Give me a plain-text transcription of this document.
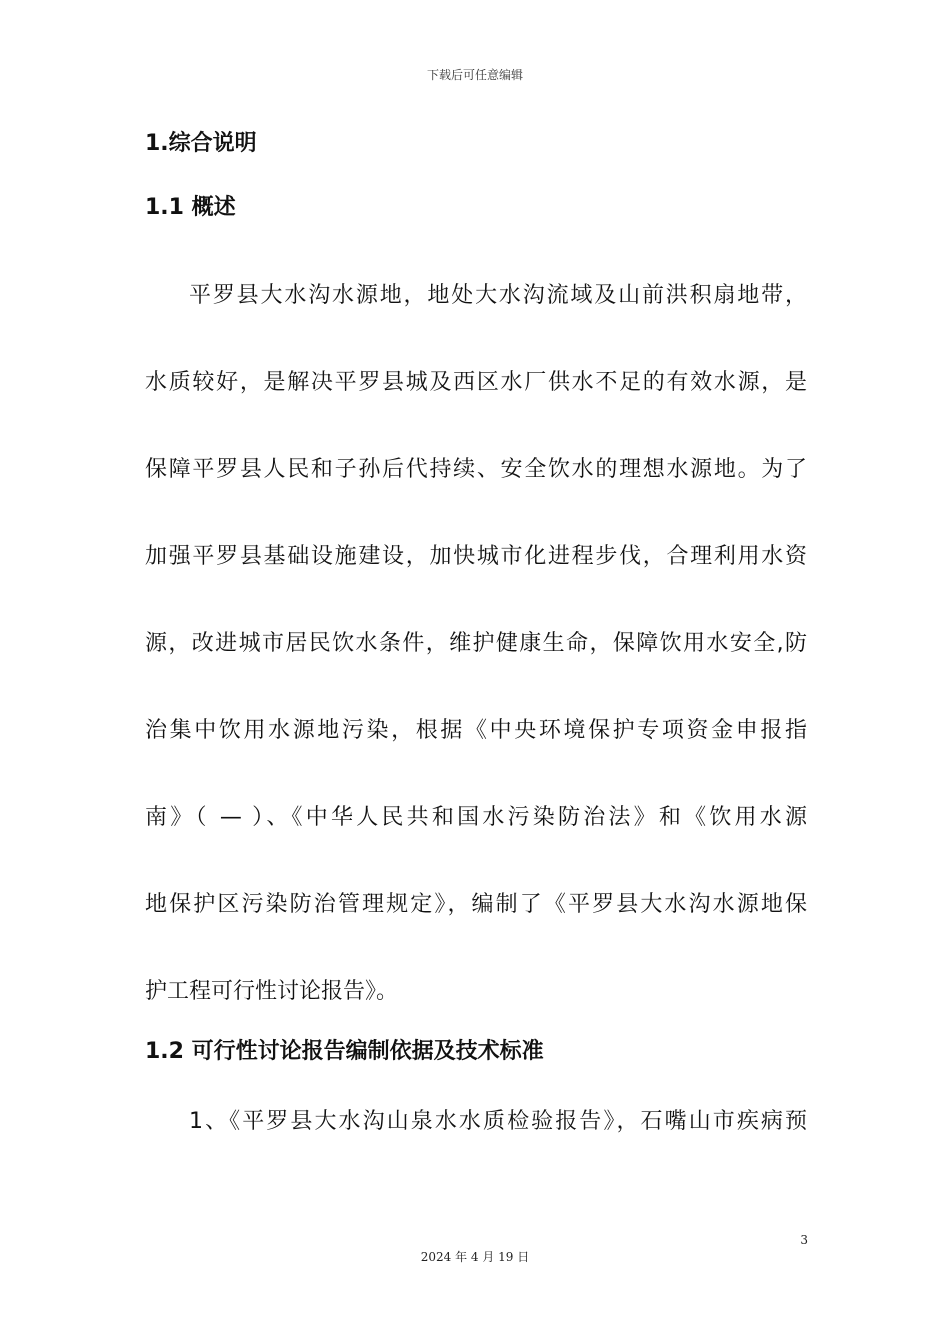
下载后可任意编辑
1.综合说明
1.1 概述
平罗县大水沟水源地，地处大水沟流域及山前洪积扇地带，
水质较好，是解决平罗县城及西区水厂供水不足的有效水源，是
保障平罗县人民和子孙后代持续、安全饮水的理想水源地。为了
加强平罗县基础设施建设，加快城市化进程步伐，合理利用水资
源，改进城市居民饮水条件，维护健康生命，保障饮用水安全,防
治集中饮用水源地污染，根据《中央环境保护专项资金申报指
南》（ — ）、《中华人民共和国水污染防治法》和《饮用水源
地保护区污染防治管理规定》，编制了《平罗县大水沟水源地保
护工程可行性讨论报告》。
1.2 可行性讨论报告编制依据及技术标准
1、《平罗县大水沟山泉水水质检验报告》，石嘴山市疾病预
3
2024 年 4 月 19 日
